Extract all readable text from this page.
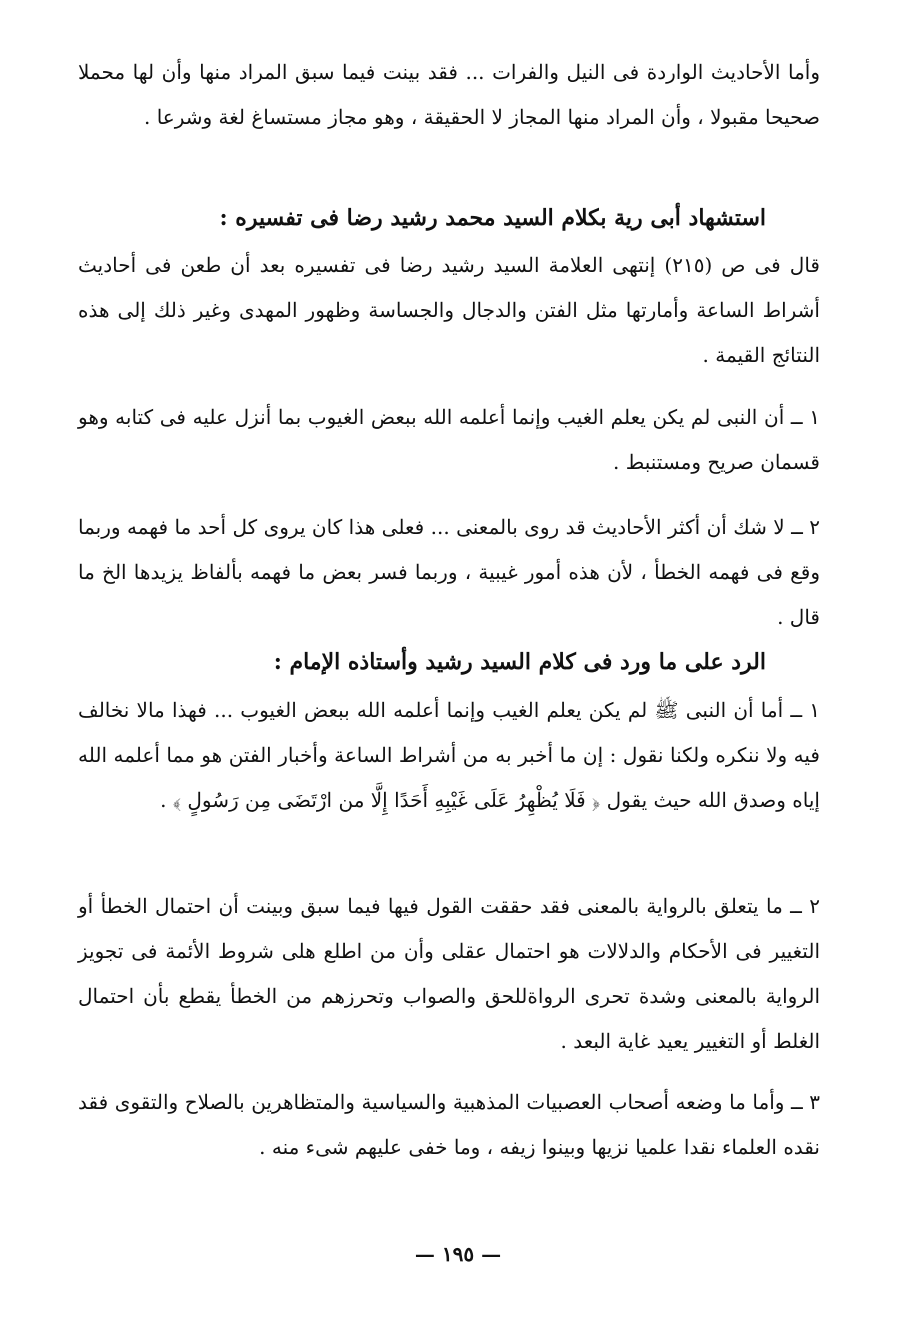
وأما الأحاديث الواردة فى النيل والفرات ... فقد بينت فيما سبق المراد منها وأن لها محملا صحيحا مقبولا ، وأن المراد منها المجاز لا الحقيقة ، وهو مجاز مستساغ لغة وشرعا .
استشهاد أبى رية بكلام السيد محمد رشيد رضا فى تفسيره :
قال فى ص (٢١٥) إنتهى العلامة السيد رشيد رضا فى تفسيره بعد أن طعن فى أحاديث أشراط الساعة وأمارتها مثل الفتن والدجال والجساسة وظهور المهدى وغير ذلك إلى هذه النتائج القيمة .
١ ــ أن النبى لم يكن يعلم الغيب وإنما أعلمه الله ببعض الغيوب بما أنزل عليه فى كتابه وهو قسمان صريح ومستنبط .
٢ ــ لا شك أن أكثر الأحاديث قد روى بالمعنى ... فعلى هذا كان يروى كل أحد ما فهمه وربما وقع فى فهمه الخطأ ، لأن هذه أمور غيبية ، وربما فسر بعض ما فهمه بألفاظ يزيدها الخ ما قال .
الرد على ما ورد فى كلام السيد رشيد وأستاذه الإمام :
١ ــ أما أن النبى ﷺ لم يكن يعلم الغيب وإنما أعلمه الله ببعض الغيوب ... فهذا مالا نخالف فيه ولا ننكره ولكنا نقول : إن ما أخبر به من أشراط الساعة وأخبار الفتن هو مما أعلمه الله إياه وصدق الله حيث يقول ﴿ فَلَا يُظْهِرُ عَلَى غَيْبِهِ أَحَدًا إِلَّا من ارْتَضَى مِن رَسُولٍ ﴾ .
٢ ــ ما يتعلق بالرواية بالمعنى فقد حققت القول فيها فيما سبق وبينت أن احتمال الخطأ أو التغيير فى الأحكام والدلالات هو احتمال عقلى وأن من اطلع هلى شروط الأئمة فى تجويز الرواية بالمعنى وشدة تحرى الرواةللحق والصواب وتحرزهم من الخطأ يقطع بأن احتمال الغلط أو التغيير يعيد غاية البعد .
٣ ــ وأما ما وضعه أصحاب العصبيات المذهبية والسياسية والمتظاهرين بالصلاح والتقوى فقد نقده العلماء نقدا علميا نزيها وبينوا زيفه ، وما خفى عليهم شىء منه .
— ١٩٥ —
